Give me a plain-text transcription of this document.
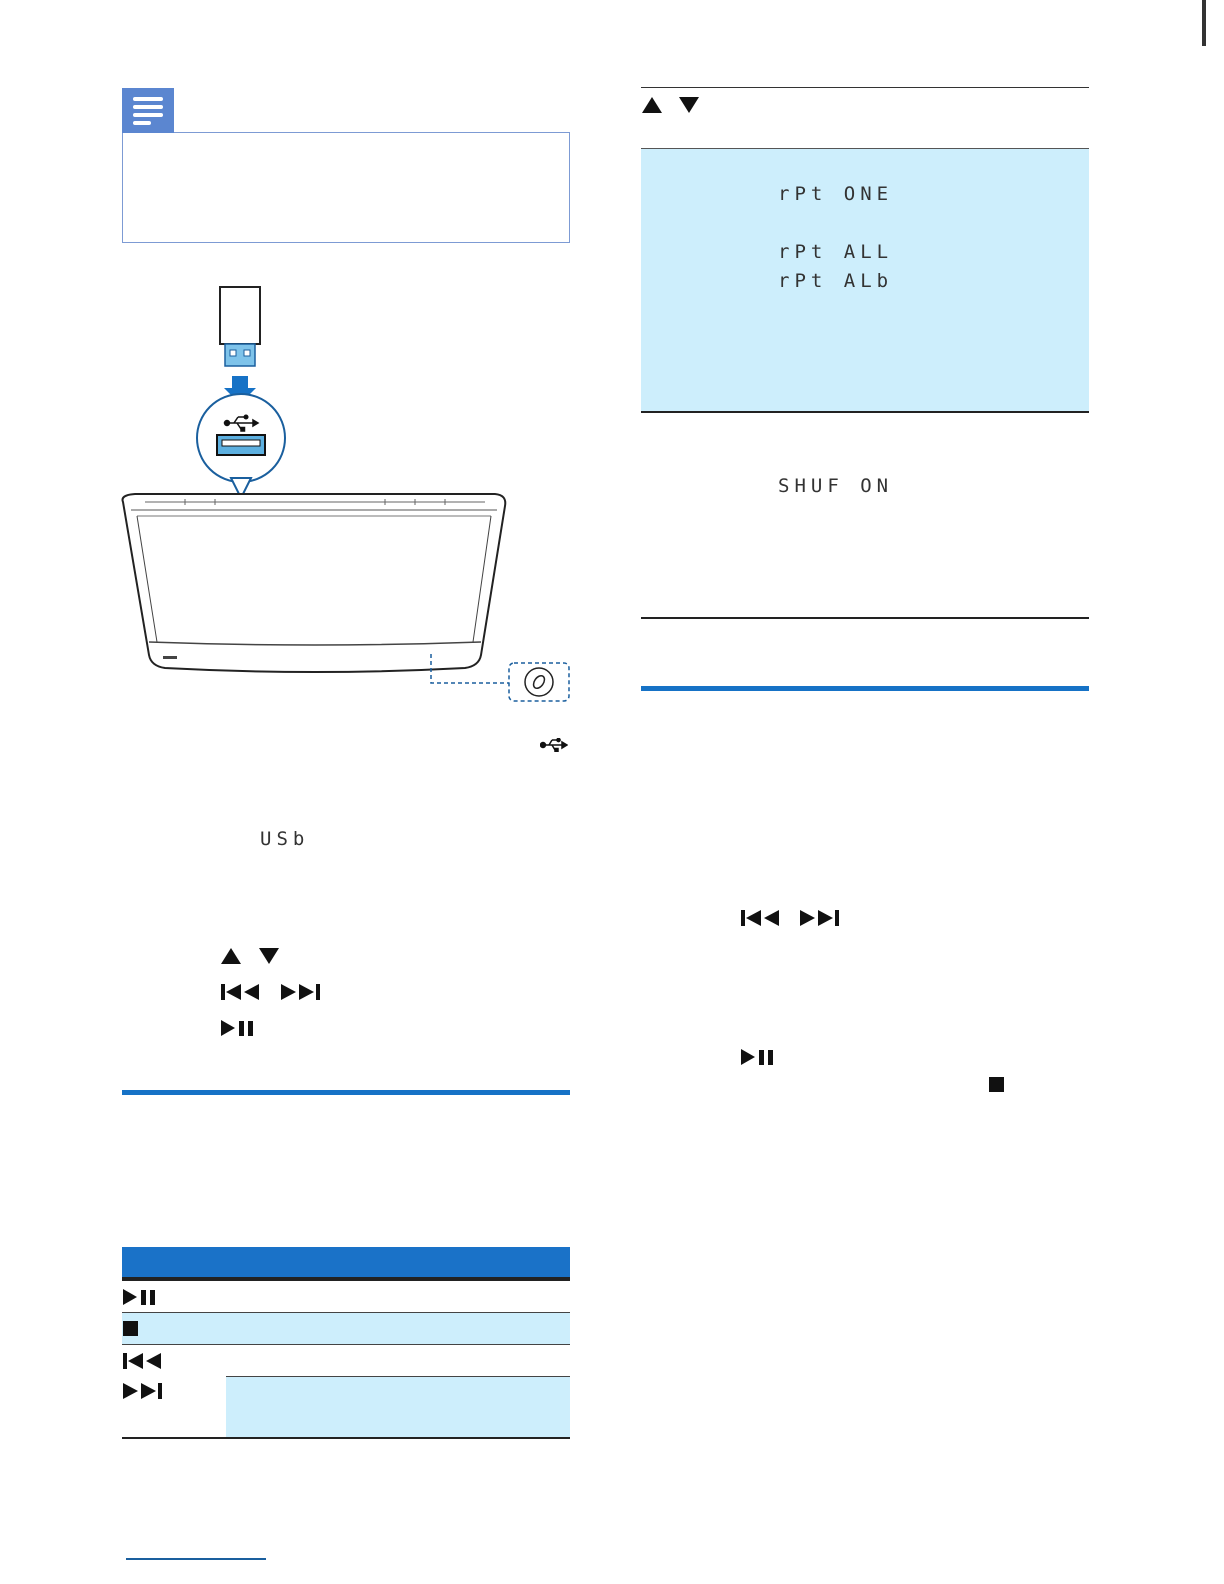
USb
rPt ONE
rPt ALL
rPt ALb
SHUF ON
